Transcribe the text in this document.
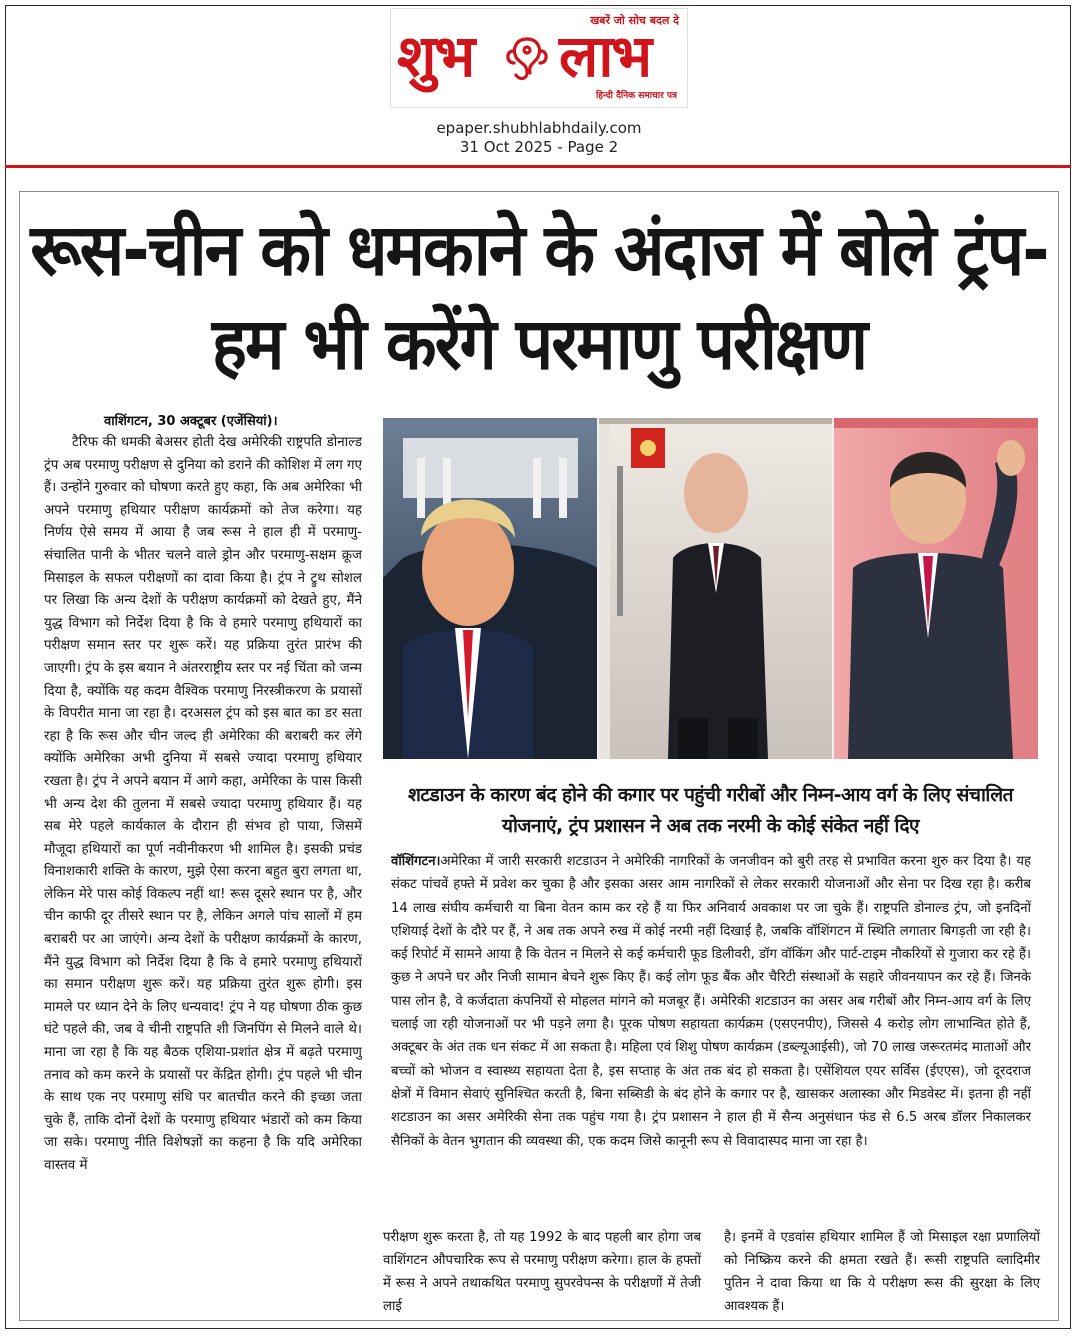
खबरें जो सोच बदल दे
शुभ लाभ
हिन्दी दैनिक समाचार पत्र
epaper.shubhlabhdaily.com
31 Oct 2025 - Page 2
रूस-चीन को धमकाने के अंदाज में बोले ट्रंप- हम भी करेंगे परमाणु परीक्षण
वाशिंगटन, 30 अक्टूबर (एजेंसियां)।

टैरिफ की धमकी बेअसर होती देख अमेरिकी राष्ट्रपति डोनाल्ड ट्रंप अब परमाणु परीक्षण से दुनिया को डराने की कोशिश में लग गए हैं। उन्होंने गुरुवार को घोषणा करते हुए कहा, कि अब अमेरिका भी अपने परमाणु हथियार परीक्षण कार्यक्रमों को तेज करेगा। यह निर्णय ऐसे समय में आया है जब रूस ने हाल ही में परमाणु-संचालित पानी के भीतर चलने वाले ड्रोन और परमाणु-सक्षम क्रूज मिसाइल के सफल परीक्षणों का दावा किया है। ट्रंप ने ट्रुथ सोशल पर लिखा कि अन्य देशों के परीक्षण कार्यक्रमों को देखते हुए, मैंने युद्ध विभाग को निर्देश दिया है कि वे हमारे परमाणु हथियारों का परीक्षण समान स्तर पर शुरू करें। यह प्रक्रिया तुरंत प्रारंभ की जाएगी। ट्रंप के इस बयान ने अंतरराष्ट्रीय स्तर पर नई चिंता को जन्म दिया है, क्योंकि यह कदम वैश्विक परमाणु निरस्त्रीकरण के प्रयासों के विपरीत माना जा रहा है। दरअसल ट्रंप को इस बात का डर सता रहा है कि रूस और चीन जल्द ही अमेरिका की बराबरी कर लेंगे क्योंकि अमेरिका अभी दुनिया में सबसे ज्यादा परमाणु हथियार रखता है। ट्रंप ने अपने बयान में आगे कहा, अमेरिका के पास किसी भी अन्य देश की तुलना में सबसे ज्यादा परमाणु हथियार हैं। यह सब मेरे पहले कार्यकाल के दौरान ही संभव हो पाया, जिसमें मौजूदा हथियारों का पूर्ण नवीनीकरण भी शामिल है। इसकी प्रचंड विनाशकारी शक्ति के कारण, मुझे ऐसा करना बहुत बुरा लगता था, लेकिन मेरे पास कोई विकल्प नहीं था! रूस दूसरे स्थान पर है, और चीन काफी दूर तीसरे स्थान पर है, लेकिन अगले पांच सालों में हम बराबरी पर आ जाएंगे। अन्य देशों के परीक्षण कार्यक्रमों के कारण, मैंने युद्ध विभाग को निर्देश दिया है कि वे हमारे परमाणु हथियारों का समान परीक्षण शुरू करें। यह प्रक्रिया तुरंत शुरू होगी। इस मामले पर ध्यान देने के लिए धन्यवाद! ट्रंप ने यह घोषणा ठीक कुछ घंटे पहले की, जब वे चीनी राष्ट्रपति शी जिनपिंग से मिलने वाले थे। माना जा रहा है कि यह बैठक एशिया-प्रशांत क्षेत्र में बढ़ते परमाणु तनाव को कम करने के प्रयासों पर केंद्रित होगी। ट्रंप पहले भी चीन के साथ एक नए परमाणु संधि पर बातचीत करने की इच्छा जता चुके हैं, ताकि दोनों देशों के परमाणु हथियार भंडारों को कम किया जा सके। परमाणु नीति विशेषज्ञों का कहना है कि यदि अमेरिका वास्तव में

शटडाउन के कारण बंद होने की कगार पर पहुंची गरीबों और निम्न-आय वर्ग के लिए संचालित योजनाएं, ट्रंप प्रशासन ने अब तक नरमी के कोई संकेत नहीं दिए

वॉशिंगटन।अमेरिका में जारी सरकारी शटडाउन ने अमेरिकी नागरिकों के जनजीवन को बुरी तरह से प्रभावित करना शुरु कर दिया है। यह संकट पांचवें हफ्ते में प्रवेश कर चुका है और इसका असर आम नागरिकों से लेकर सरकारी योजनाओं और सेना पर दिख रहा है। करीब 14 लाख संघीय कर्मचारी या बिना वेतन काम कर रहे हैं या फिर अनिवार्य अवकाश पर जा चुके हैं। राष्ट्रपति डोनाल्ड ट्रंप, जो इनदिनों एशियाई देशों के दौरे पर हैं, ने अब तक अपने रुख में कोई नरमी नहीं दिखाई है, जबकि वॉशिंगटन में स्थिति लगातार बिगड़ती जा रही है। कई रिपोर्ट में सामने आया है कि वेतन न मिलने से कई कर्मचारी फूड डिलीवरी, डॉग वॉकिंग और पार्ट-टाइम नौकरियों से गुजारा कर रहे हैं। कुछ ने अपने घर और निजी सामान बेचने शुरू किए हैं। कई लोग फूड बैंक और चैरिटी संस्थाओं के सहारे जीवनयापन कर रहे हैं। जिनके पास लोन है, वे कर्जदाता कंपनियों से मोहलत मांगने को मजबूर हैं। अमेरिकी शटडाउन का असर अब गरीबों और निम्न-आय वर्ग के लिए चलाई जा रही योजनाओं पर भी पड़ने लगा है। पूरक पोषण सहायता कार्यक्रम (एसएनपीए), जिससे 4 करोड़ लोग लाभान्वित होते हैं, अक्टूबर के अंत तक धन संकट में आ सकता है। महिला एवं शिशु पोषण कार्यक्रम (डब्ल्यूआईसी), जो 70 लाख जरूरतमंद माताओं और बच्चों को भोजन व स्वास्थ्य सहायता देता है, इस सप्ताह के अंत तक बंद हो सकता है। एसेंशियल एयर सर्विस (ईएएस), जो दूरदराज क्षेत्रों में विमान सेवाएं सुनिश्चित करती है, बिना सब्सिडी के बंद होने के कगार पर है, खासकर अलास्का और मिडवेस्ट में। इतना ही नहीं शटडाउन का असर अमेरिकी सेना तक पहुंच गया है। ट्रंप प्रशासन ने हाल ही में सैन्य अनुसंधान फंड से 6.5 अरब डॉलर निकालकर सैनिकों के वेतन भुगतान की व्यवस्था की, एक कदम जिसे कानूनी रूप से विवादास्पद माना जा रहा है।

परीक्षण शुरू करता है, तो यह 1992 के बाद पहली बार होगा जब वाशिंगटन औपचारिक रूप से परमाणु परीक्षण करेगा। हाल के हफ्तों में रूस ने अपने तथाकथित परमाणु सुपरवेपन्स के परीक्षणों में तेजी लाई

है। इनमें वे एडवांस हथियार शामिल हैं जो मिसाइल रक्षा प्रणालियों को निष्क्रिय करने की क्षमता रखते हैं। रूसी राष्ट्रपति व्लादिमीर पुतिन ने दावा किया था कि ये परीक्षण रूस की सुरक्षा के लिए आवश्यक हैं।
